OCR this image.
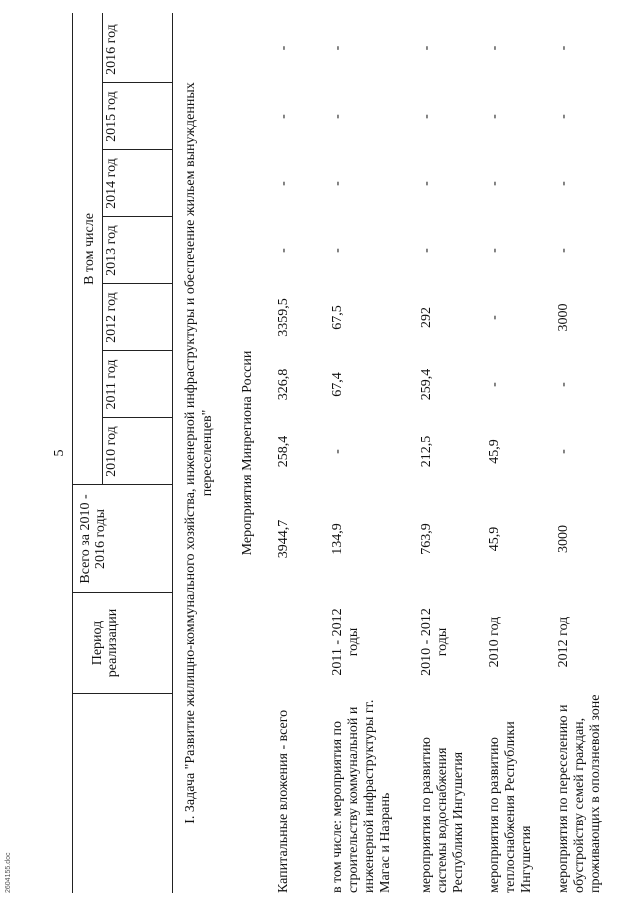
2604155.doc
5
Период реализации
Всего за 2010 - 2016 годы
В том числе
2010 год
2011 год
2012 год
2013 год
2014 год
2015 год
2016 год
I. Задача "Развитие жилищно-коммунального хозяйства, инженерной инфраструктуры и обеспечение жильем вынужденных переселенцев" Мероприятия Минрегиона России
Капитальные вложения - всего
3944,7
258,4
326,8
3359,5
-
-
-
-
в том числе: мероприятия по строительству коммунальной и инженерной инфраструктуры гг. Магас и Назрань
2011 - 2012 годы
134,9
-
67,4
67,5
-
-
-
-
мероприятия по развитию системы водоснабжения Республики Ингушетия
2010 - 2012 годы
763,9
212,5
259,4
292
-
-
-
-
мероприятия по развитию теплоснабжения Республики Ингушетия
2010 год
45,9
45,9
-
-
-
-
-
-
мероприятия по переселению и обустройству семей граждан, проживающих в оползневой зоне
2012 год
3000
-
-
3000
-
-
-
-
